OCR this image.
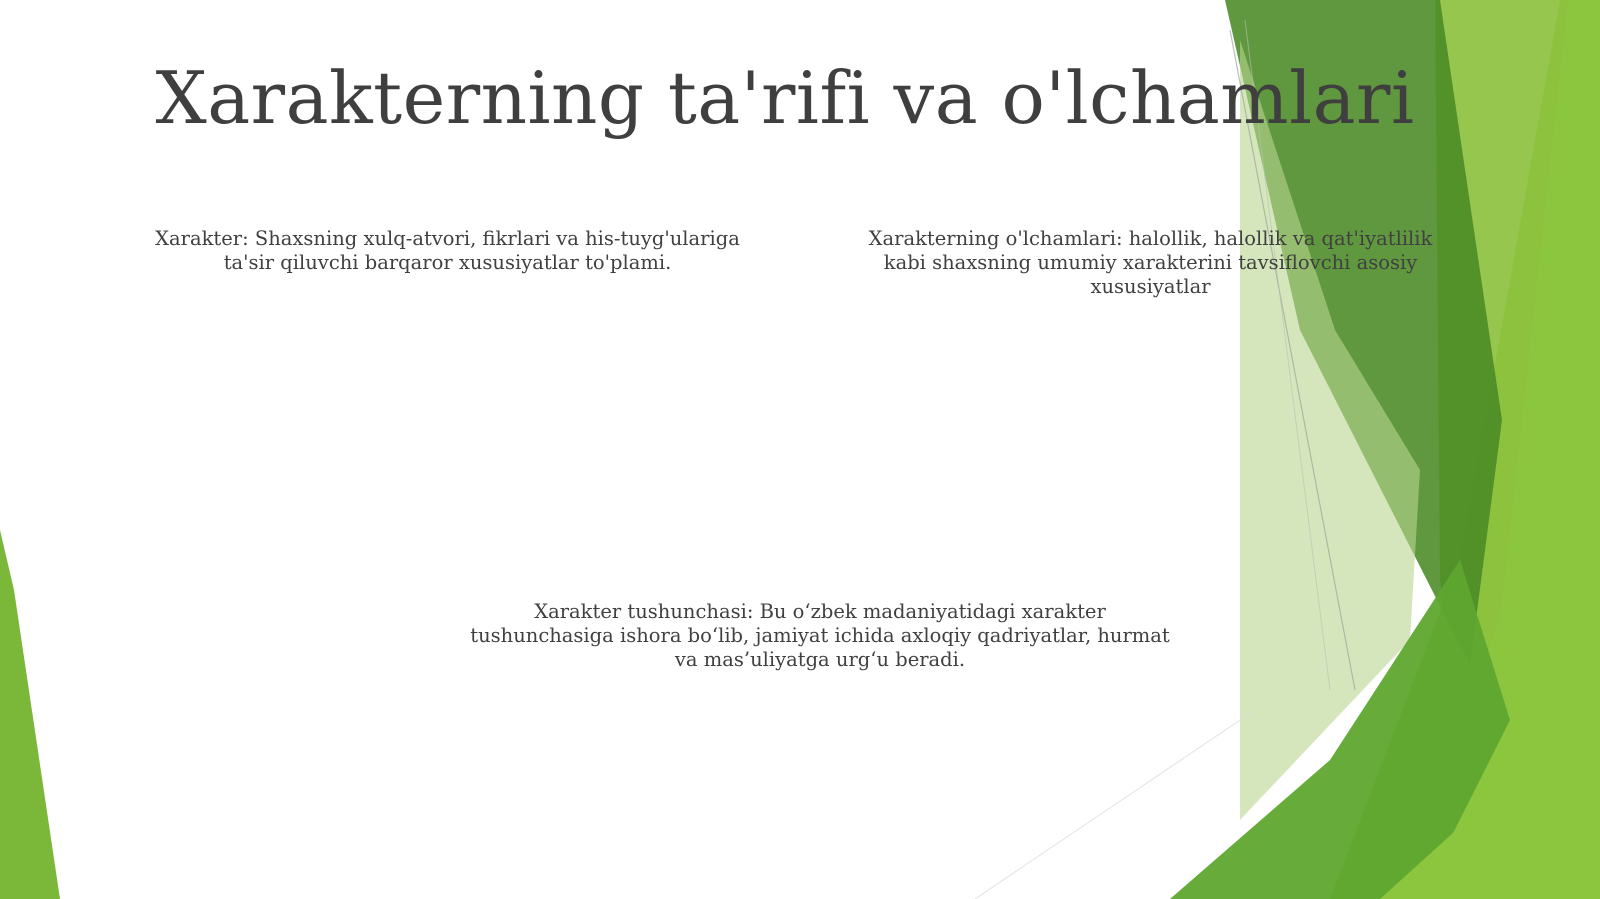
Xarakterning ta'rifi va o'lchamlari
Xarakter: Shaxsning xulq-atvori, fikrlari va his-tuyg'ulariga ta'sir qiluvchi barqaror xususiyatlar to'plami.
Xarakterning o'lchamlari: halollik, halollik va qat'iyatlilik kabi shaxsning umumiy xarakterini tavsiflovchi asosiy xususiyatlar
Xarakter tushunchasi: Bu o‘zbek madaniyatidagi xarakter tushunchasiga ishora bo‘lib, jamiyat ichida axloqiy qadriyatlar, hurmat va mas’uliyatga urg‘u beradi.
